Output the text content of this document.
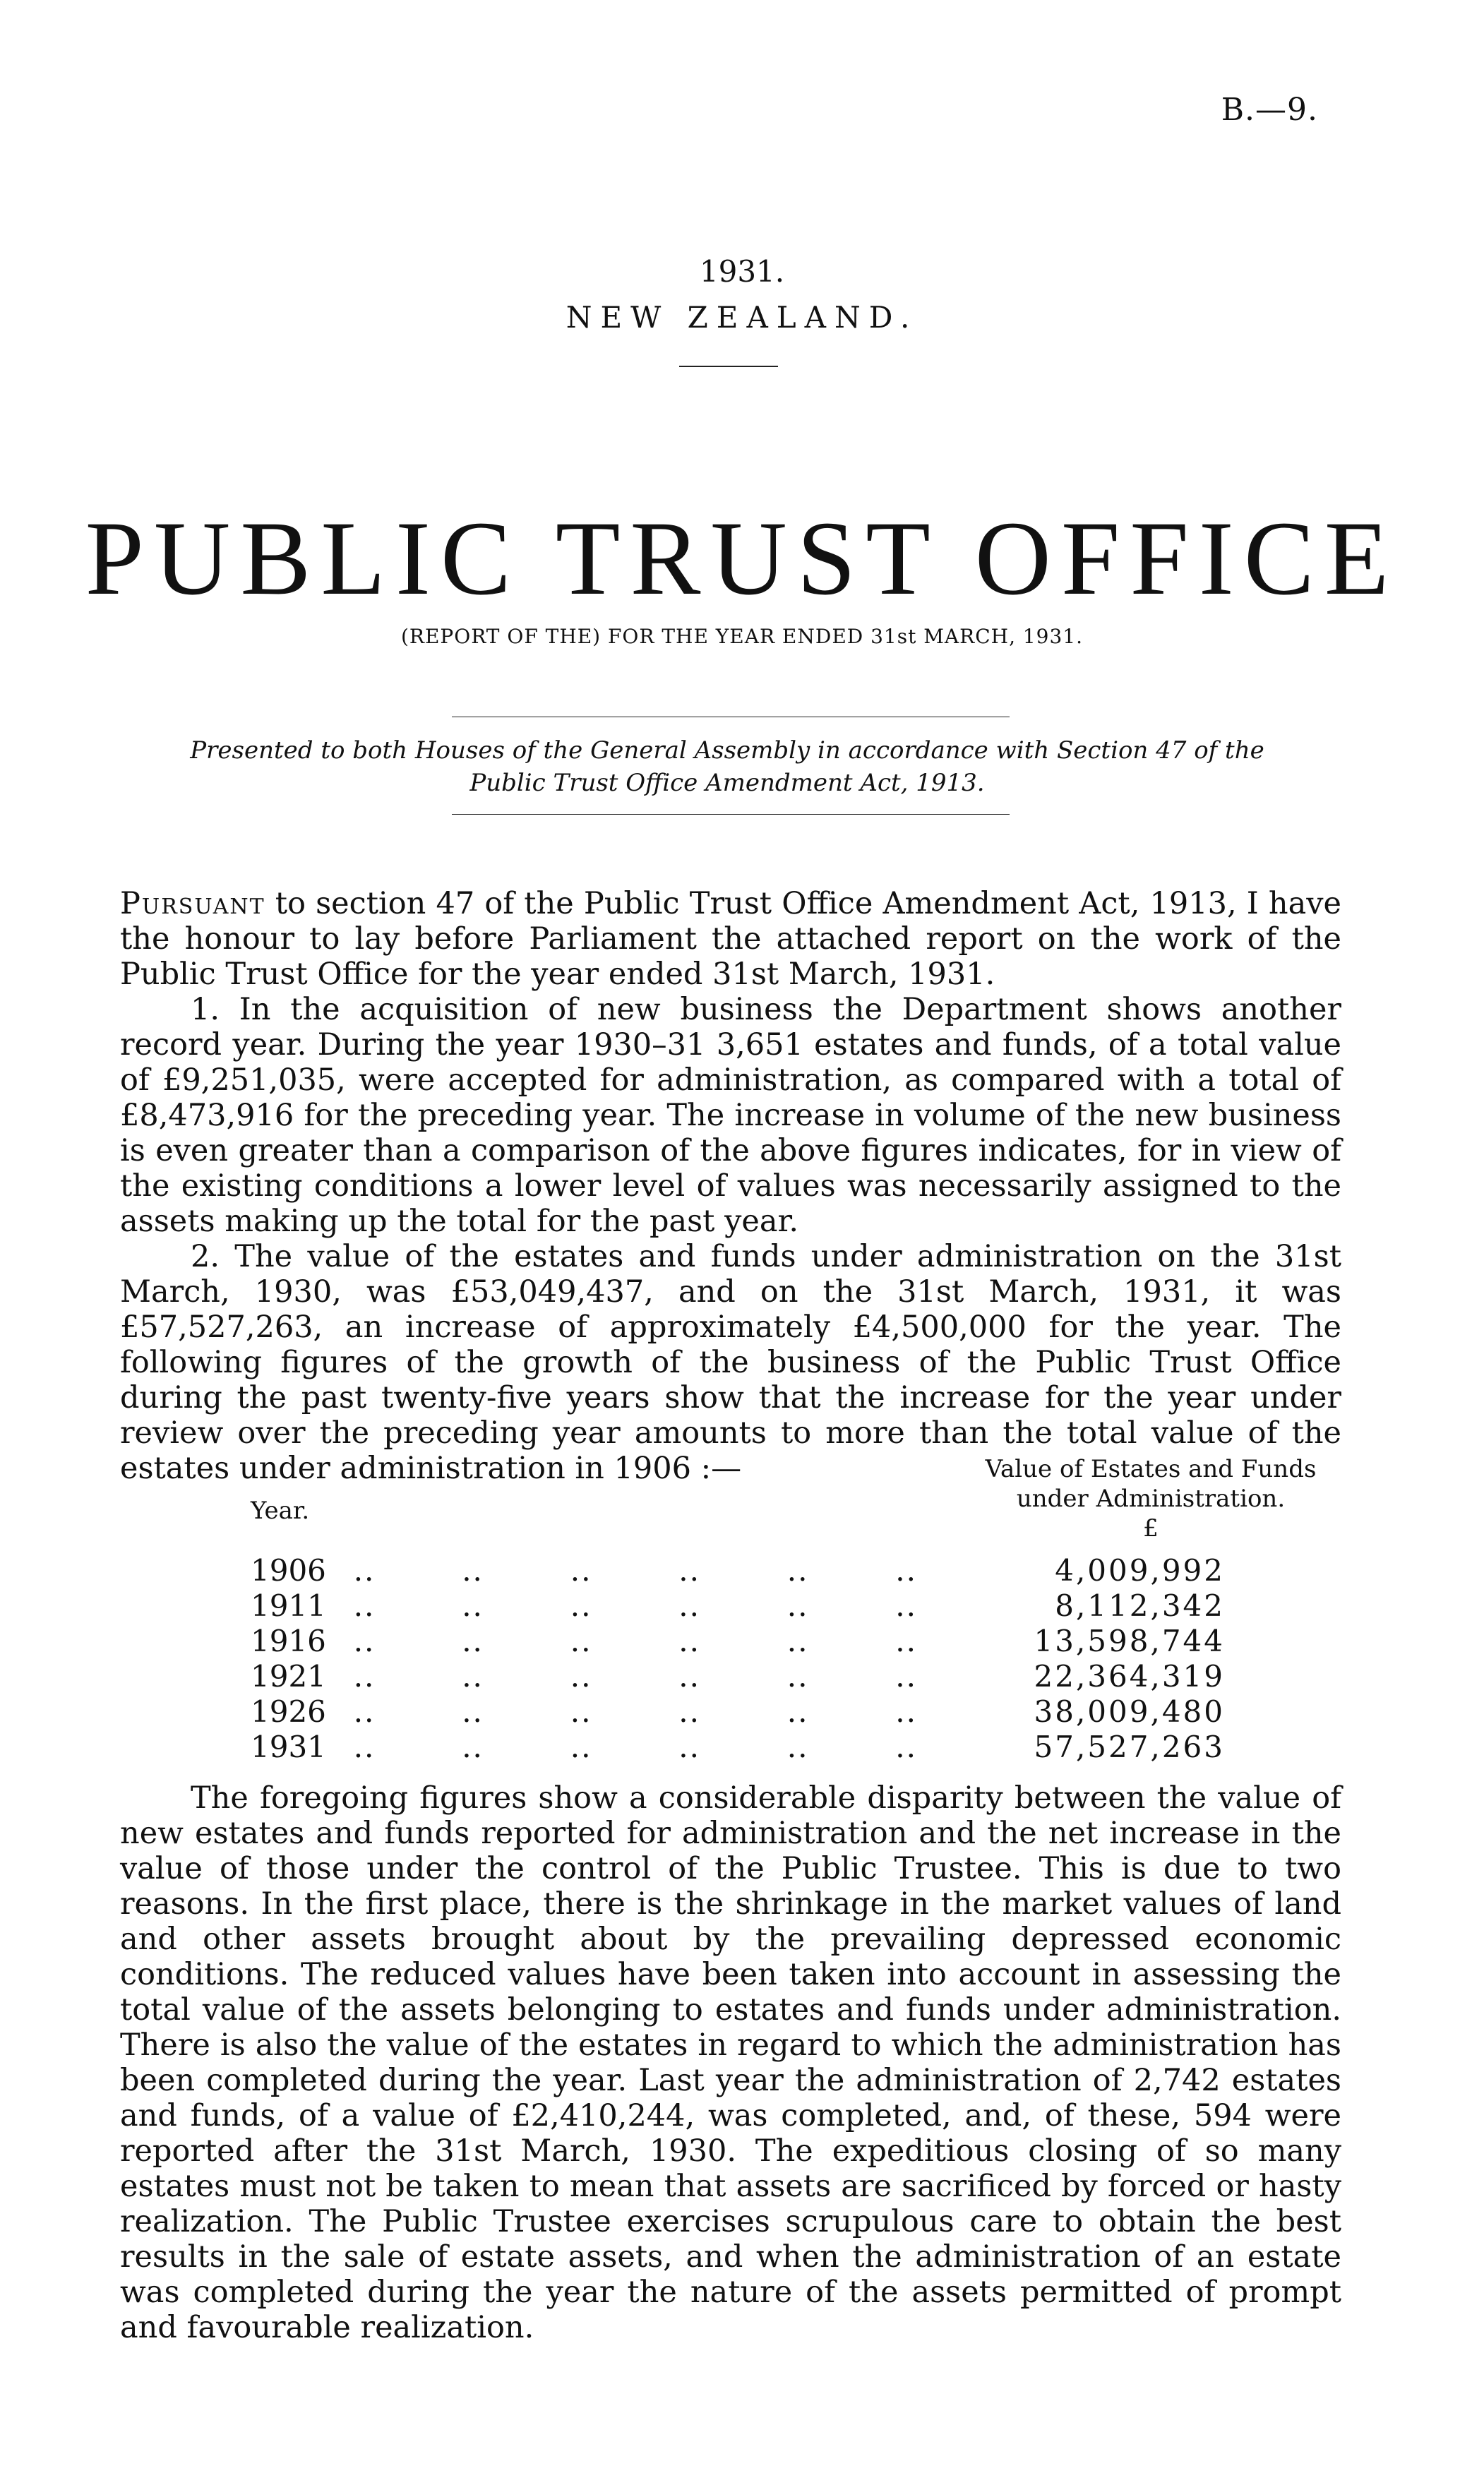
B.—9.
1931.
NEW ZEALAND.
PUBLIC TRUST OFFICE
(REPORT OF THE) FOR THE YEAR ENDED 31st MARCH, 1931.
Presented to both Houses of the General Assembly in accordance with Section 47 of the Public Trust Office Amendment Act, 1913.

Pursuant to section 47 of the Public Trust Office Amendment Act, 1913, I have the honour to lay before Parliament the attached report on the work of the Public Trust Office for the year ended 31st March, 1931.

1. In the acquisition of new business the Department shows another record year. During the year 1930–31 3,651 estates and funds, of a total value of £9,251,035, were accepted for administration, as compared with a total of £8,473,916 for the preceding year. The increase in volume of the new business is even greater than a comparison of the above figures indicates, for in view of the existing conditions a lower level of values was necessarily assigned to the assets making up the total for the past year.

2. The value of the estates and funds under administration on the 31st March, 1930, was £53,049,437, and on the 31st March, 1931, it was £57,527,263, an increase of approximately £4,500,000 for the year. The following figures of the growth of the business of the Public Trust Office during the past twenty-five years show that the increase for the year under review over the preceding year amounts to more than the total value of the estates under administration in 1906 :—

Year.
Value of Estates and Funds
under Administration.
£
1906 ..        ..        ..        ..        ..        ..	4,009,992
1911 ..        ..        ..        ..        ..        ..	8,112,342
1916 ..        ..        ..        ..        ..        ..	13,598,744
1921 ..        ..        ..        ..        ..        ..	22,364,319
1926 ..        ..        ..        ..        ..        ..	38,009,480
1931 ..        ..        ..        ..        ..        ..	57,527,263

The foregoing figures show a considerable disparity between the value of new estates and funds reported for administration and the net increase in the value of those under the control of the Public Trustee. This is due to two reasons. In the first place, there is the shrinkage in the market values of land and other assets brought about by the prevailing depressed economic conditions. The reduced values have been taken into account in assessing the total value of the assets belonging to estates and funds under administration. There is also the value of the estates in regard to which the administration has been completed during the year. Last year the administration of 2,742 estates and funds, of a value of £2,410,244, was completed, and, of these, 594 were reported after the 31st March, 1930. The expeditious closing of so many estates must not be taken to mean that assets are sacrificed by forced or hasty realization. The Public Trustee exercises scrupulous care to obtain the best results in the sale of estate assets, and when the administration of an estate was completed during the year the nature of the assets permitted of prompt and favourable realization.
